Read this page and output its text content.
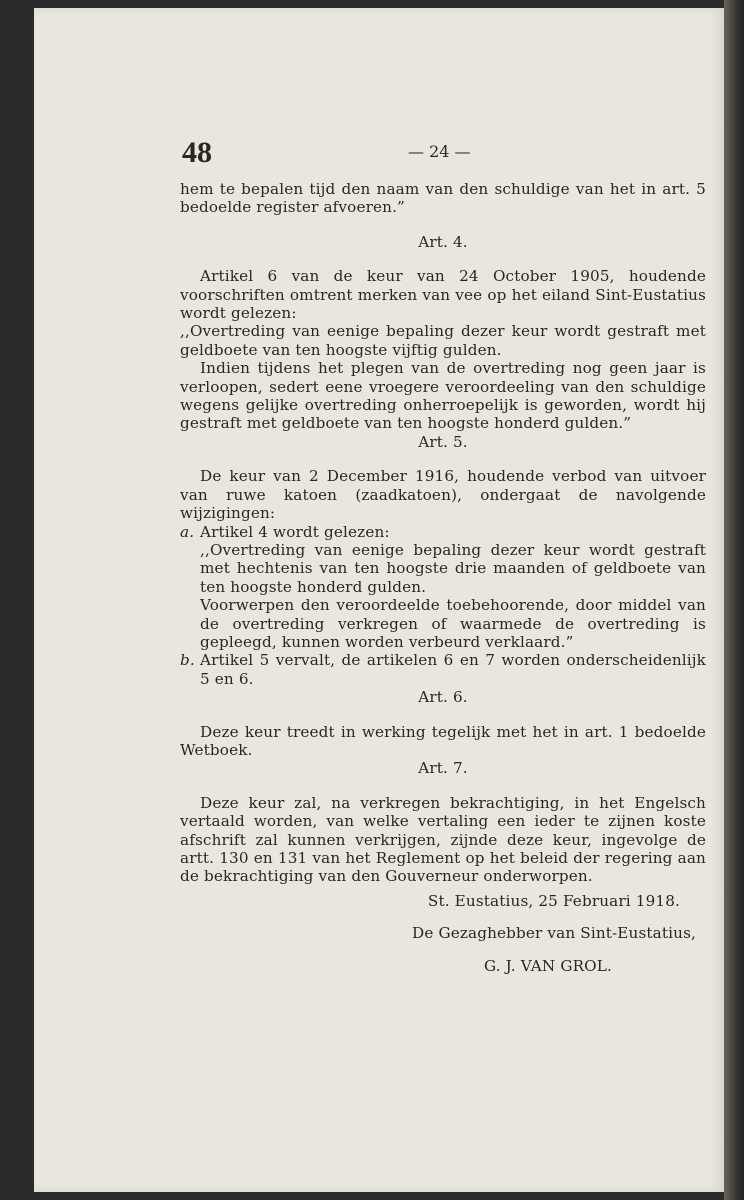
48	— 24 —

hem te bepalen tijd den naam van den schuldige van het in art. 5 bedoelde register afvoeren.”

Art. 4.

Artikel 6 van de keur van 24 October 1905, houdende voorschriften omtrent merken van vee op het eiland Sint-Eustatius wordt gelezen:

,,Overtreding van eenige bepaling dezer keur wordt gestraft met geldboete van ten hoogste vijftig gulden.

Indien tijdens het plegen van de overtreding nog geen jaar is verloopen, sedert eene vroegere veroordeeling van den schuldige wegens gelijke overtreding onherroepelijk is geworden, wordt hij gestraft met geldboete van ten hoogste honderd gulden.”

Art. 5.

De keur van 2 December 1916, houdende verbod van uitvoer van ruwe katoen (zaadkatoen), ondergaat de navolgende wijzigingen:

a. Artikel 4 wordt gelezen:

,,Overtreding van eenige bepaling dezer keur wordt gestraft met hechtenis van ten hoogste drie maanden of geldboete van ten hoogste honderd gulden.

Voorwerpen den veroordeelde toebehoorende, door middel van de overtreding verkregen of waarmede de overtreding is gepleegd, kunnen worden verbeurd verklaard.”

b. Artikel 5 vervalt, de artikelen 6 en 7 worden onderscheidenlijk 5 en 6.

Art. 6.

Deze keur treedt in werking tegelijk met het in art. 1 bedoelde Wetboek.

Art. 7.

Deze keur zal, na verkregen bekrachtiging, in het Engelsch vertaald worden, van welke vertaling een ieder te zijnen koste afschrift zal kunnen verkrijgen, zijnde deze keur, ingevolge de artt. 130 en 131 van het Reglement op het beleid der regering aan de bekrachtiging van den Gouverneur onderworpen.

St. Eustatius, 25 Februari 1918.

De Gezaghebber van Sint-Eustatius,

G. J. VAN GROL.
